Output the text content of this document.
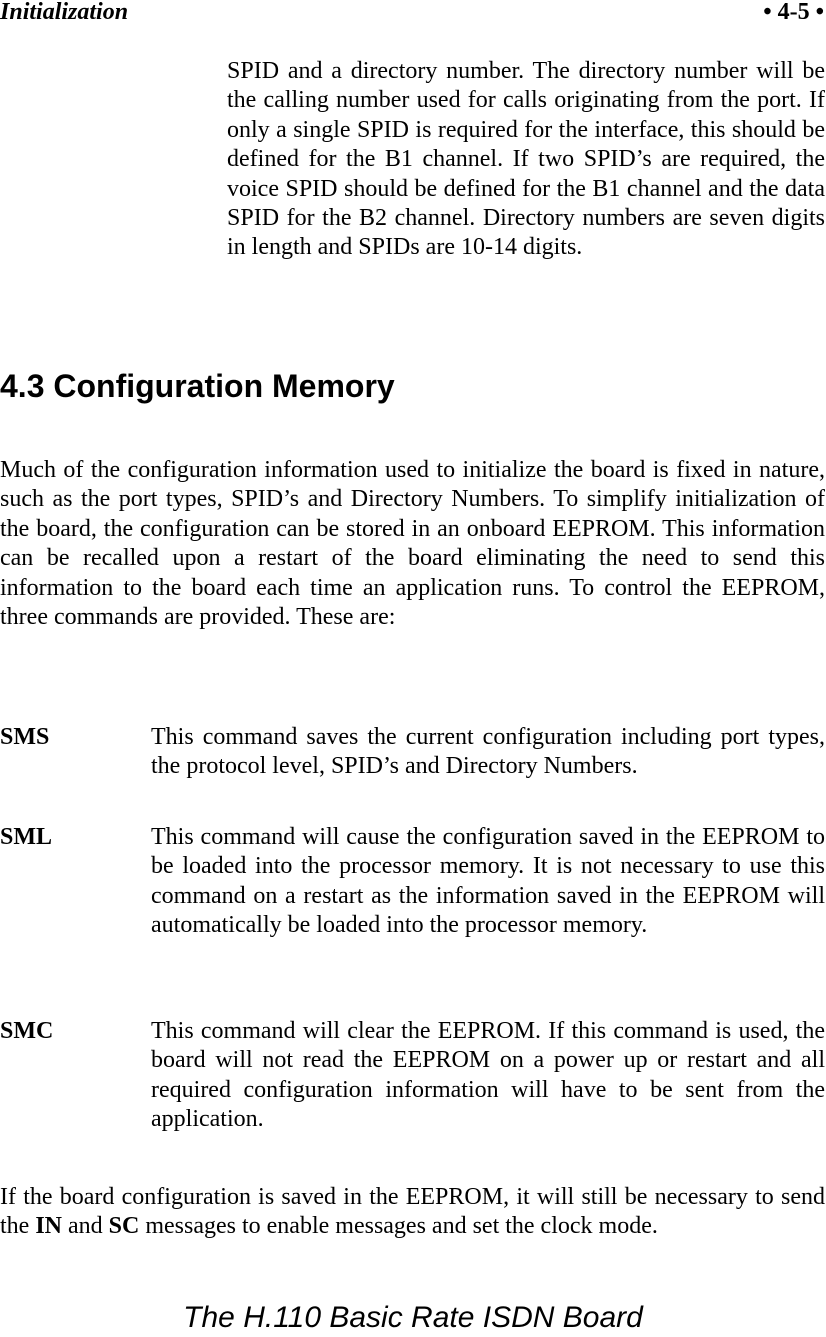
Initialization	• 4-5 •
SPID and a directory number. The directory number will be the calling number used for calls originating from the port. If only a single SPID is required for the interface, this should be defined for the B1 channel. If two SPID’s are required, the voice SPID should be defined for the B1 channel and the data SPID for the B2 channel. Directory numbers are seven digits in length and SPIDs are 10-14 digits.
4.3 Configuration Memory
Much of the configuration information used to initialize the board is fixed in nature, such as the port types, SPID’s and Directory Numbers. To simplify initialization of the board, the configuration can be stored in an onboard EEPROM. This information can be recalled upon a restart of the board eliminating the need to send this information to the board each time an application runs. To control the EEPROM, three commands are provided. These are:
SMS	This command saves the current configuration including port types, the protocol level, SPID’s and Directory Numbers.
SML	This command will cause the configuration saved in the EEPROM to be loaded into the processor memory. It is not necessary to use this command on a restart as the information saved in the EEPROM will automatically be loaded into the processor memory.
SMC	This command will clear the EEPROM. If this command is used, the board will not read the EEPROM on a power up or restart and all required configuration information will have to be sent from the application.
If the board configuration is saved in the EEPROM, it will still be necessary to send the IN and SC messages to enable messages and set the clock mode.
The H.110 Basic Rate ISDN Board
